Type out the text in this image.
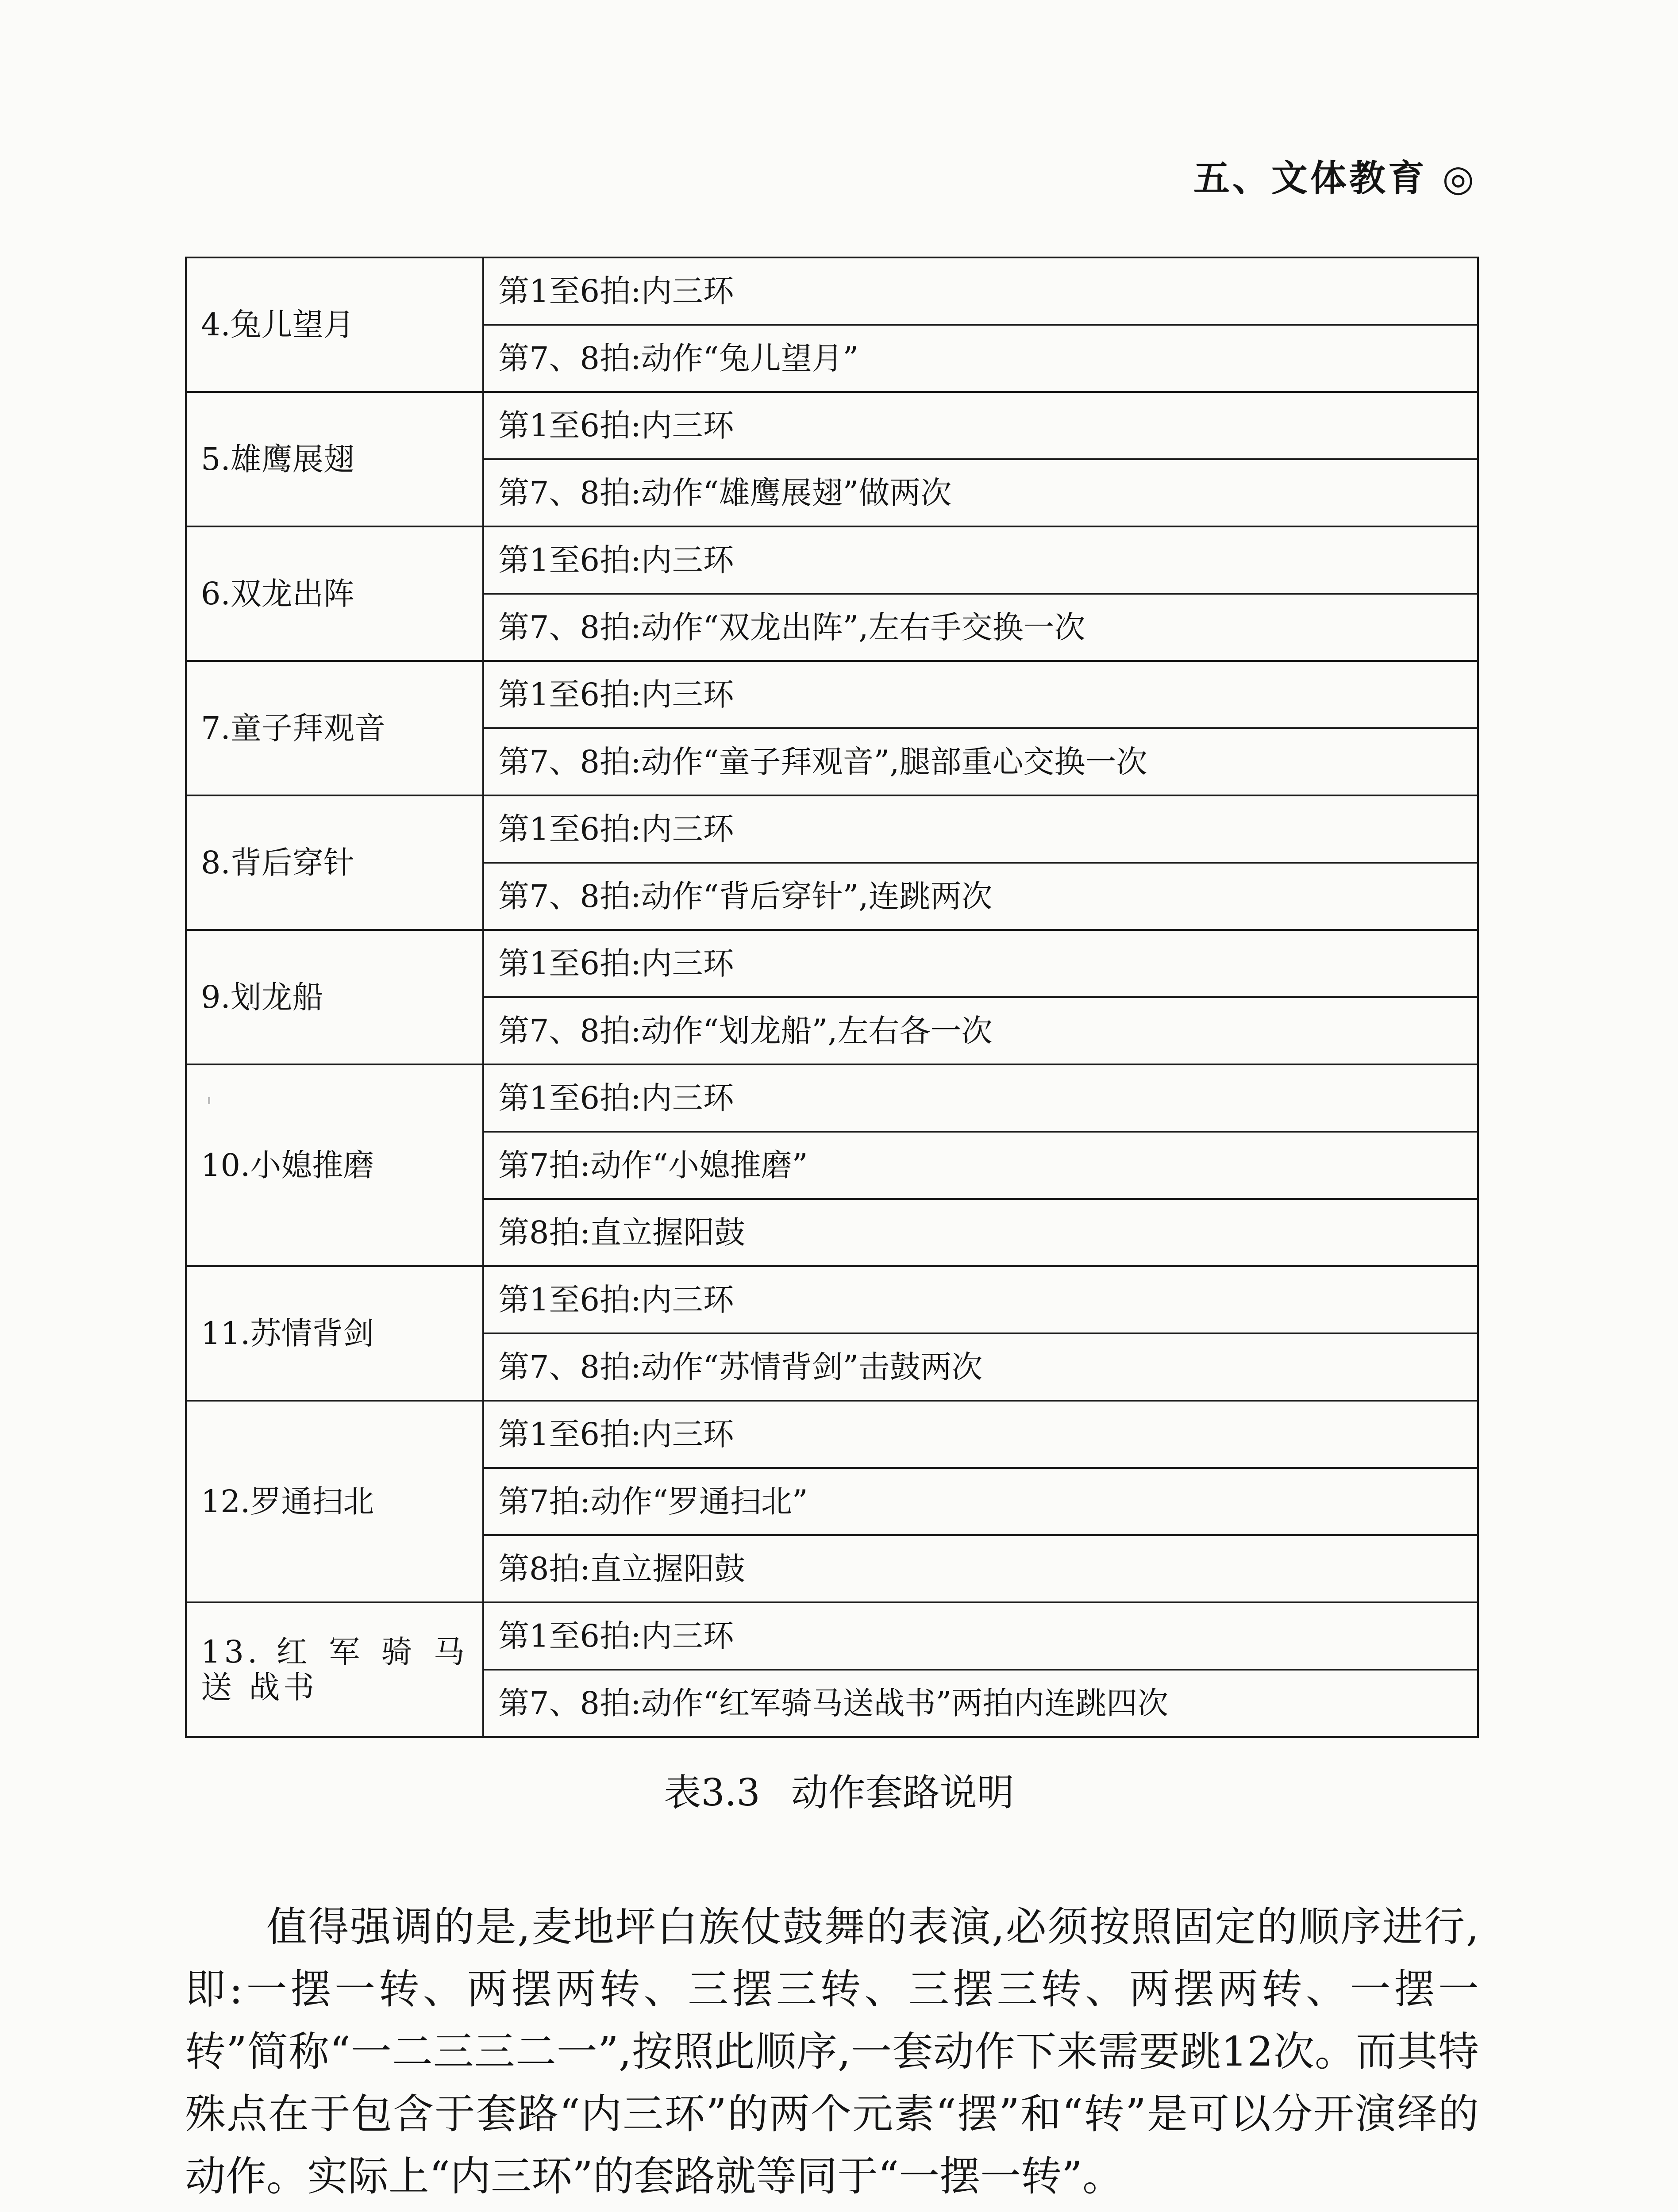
五、文体教育 ◎
4.兔儿望月	第1至6拍:内三环
	第7、8拍:动作“兔儿望月”
5.雄鹰展翅	第1至6拍:内三环
	第7、8拍:动作“雄鹰展翅”做两次
6.双龙出阵	第1至6拍:内三环
	第7、8拍:动作“双龙出阵”,左右手交换一次
7.童子拜观音	第1至6拍:内三环
	第7、8拍:动作“童子拜观音”,腿部重心交换一次
8.背后穿针	第1至6拍:内三环
	第7、8拍:动作“背后穿针”,连跳两次
9.划龙船	第1至6拍:内三环
	第7、8拍:动作“划龙船”,左右各一次
10.小媳推磨	第1至6拍:内三环
	第7拍:动作“小媳推磨”
	第8拍:直立握阳鼓
11.苏情背剑	第1至6拍:内三环
	第7、8拍:动作“苏情背剑”击鼓两次
12.罗通扫北	第1至6拍:内三环
	第7拍:动作“罗通扫北”
	第8拍:直立握阳鼓
13. 红 军 骑 马 送 战书	第1至6拍:内三环
	第7、8拍:动作“红军骑马送战书”两拍内连跳四次
表3.3 动作套路说明

值得强调的是,麦地坪白族仗鼓舞的表演,必须按照固定的顺序进行,即:一摆一转、两摆两转、三摆三转、三摆三转、两摆两转、一摆一转”简称“一二三三二一”,按照此顺序,一套动作下来需要跳12次。而其特殊点在于包含于套路“内三环”的两个元素“摆”和“转”是可以分开演绎的动作。实际上“内三环”的套路就等同于“一摆一转”。
